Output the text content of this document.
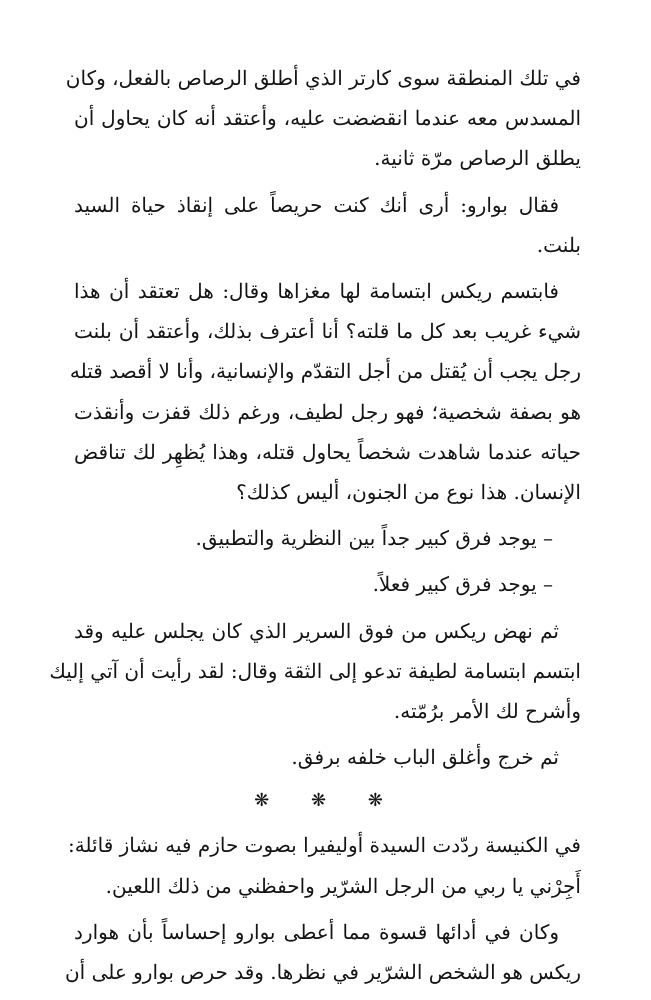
في تلك المنطقة سوى كارتر الذي أطلق الرصاص بالفعل، وكان
المسدس معه عندما انقضضت عليه، وأعتقد أنه كان يحاول أن
يطلق الرصاص مرّة ثانية.
فقال بوارو: أرى أنك كنت حريصاً على إنقاذ حياة السيد
بلنت.
فابتسم ريكس ابتسامة لها مغزاها وقال: هل تعتقد أن هذا
شيء غريب بعد كل ما قلته؟ أنا أعترف بذلك، وأعتقد أن بلنت
رجل يجب أن يُقتل من أجل التقدّم والإنسانية، وأنا لا أقصد قتله
هو بصفة شخصية؛ فهو رجل لطيف، ورغم ذلك قفزت وأنقذت
حياته عندما شاهدت شخصاً يحاول قتله، وهذا يُظهِر لك تناقض
الإنسان. هذا نوع من الجنون، أليس كذلك؟
– يوجد فرق كبير جداً بين النظرية والتطبيق.
– يوجد فرق كبير فعلاً.
ثم نهض ريكس من فوق السرير الذي كان يجلس عليه وقد
ابتسم ابتسامة لطيفة تدعو إلى الثقة وقال: لقد رأيت أن آتي إليك
وأشرح لك الأمر برُمّته.
ثم خرج وأغلق الباب خلفه برفق.
❋ ❋ ❋
في الكنيسة ردّدت السيدة أوليفيرا بصوت حازم فيه نشاز قائلة:
أَجِرْني يا ربي من الرجل الشرّير واحفظني من ذلك اللعين.
وكان في أدائها قسوة مما أعطى بوارو إحساساً بأن هوارد
ريكس هو الشخص الشرّير في نظرها. وقد حرص بوارو على أن
